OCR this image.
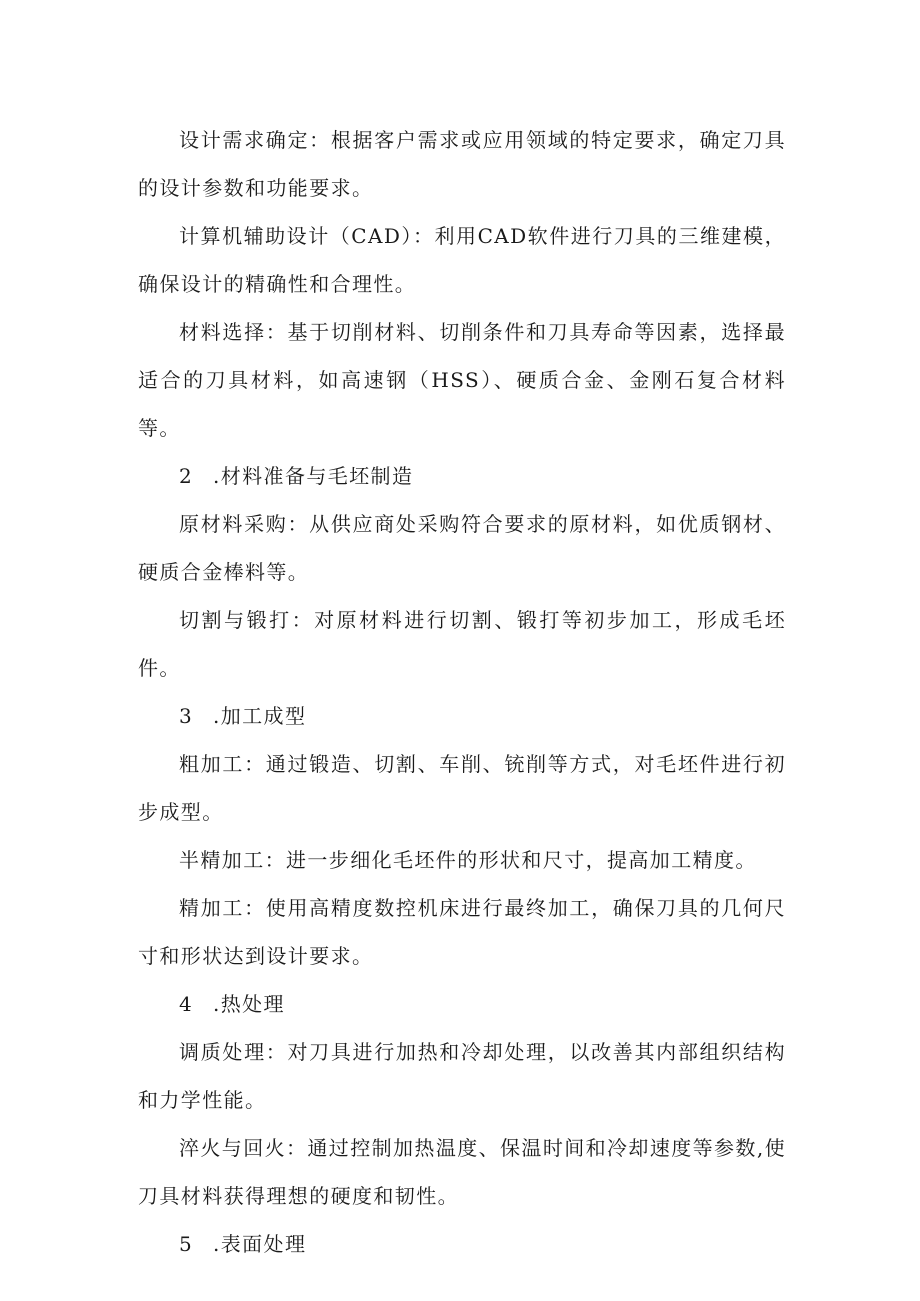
设计需求确定：根据客户需求或应用领域的特定要求，确定刀具的设计参数和功能要求。

计算机辅助设计（CAD）：利用CAD软件进行刀具的三维建模，确保设计的精确性和合理性。

材料选择：基于切削材料、切削条件和刀具寿命等因素，选择最适合的刀具材料，如高速钢（HSS）、硬质合金、金刚石复合材料等。

2 .材料准备与毛坯制造

原材料采购：从供应商处采购符合要求的原材料，如优质钢材、硬质合金棒料等。

切割与锻打：对原材料进行切割、锻打等初步加工，形成毛坯件。

3 .加工成型

粗加工：通过锻造、切割、车削、铳削等方式，对毛坯件进行初步成型。

半精加工：进一步细化毛坯件的形状和尺寸，提高加工精度。

精加工：使用高精度数控机床进行最终加工，确保刀具的几何尺寸和形状达到设计要求。

4 .热处理

调质处理：对刀具进行加热和冷却处理，以改善其内部组织结构和力学性能。

淬火与回火：通过控制加热温度、保温时间和冷却速度等参数,使刀具材料获得理想的硬度和韧性。

5 .表面处理
